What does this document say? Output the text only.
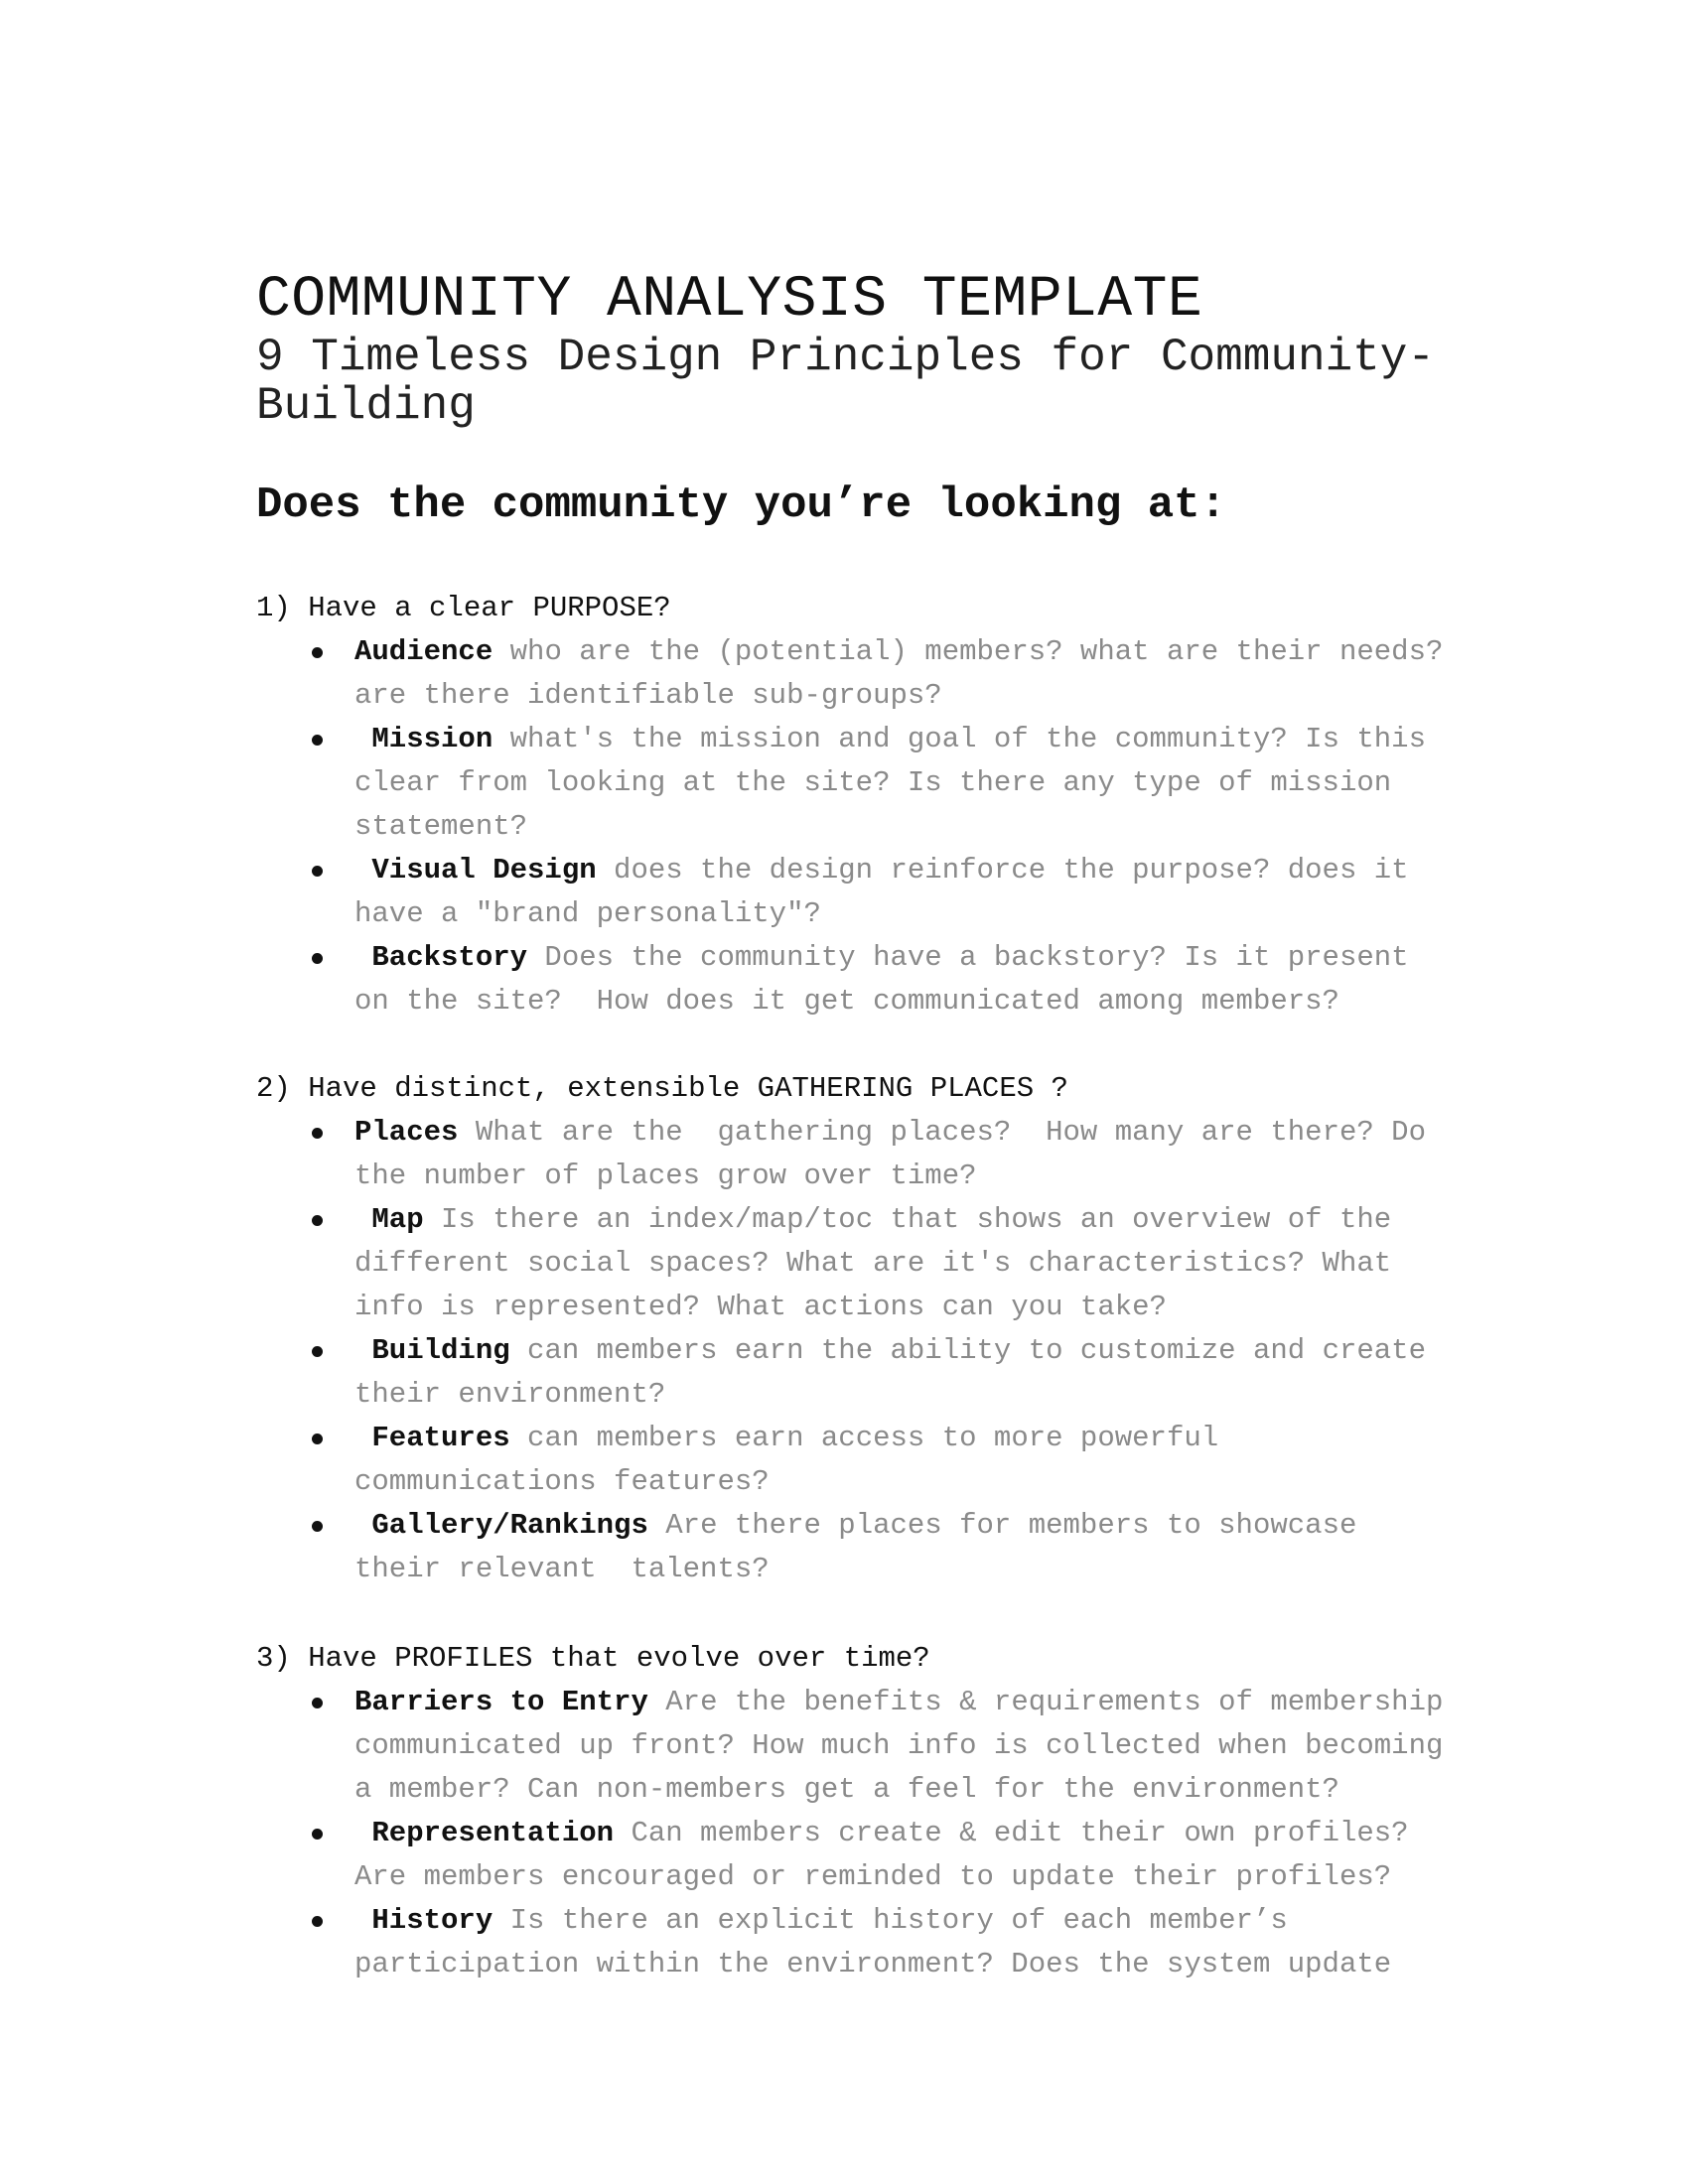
COMMUNITY ANALYSIS TEMPLATE
9 Timeless Design Principles for Community-
Building
Does the community you’re looking at:
1) Have a clear PURPOSE?
Audience who are the (potential) members? what are their needs?
are there identifiable sub-groups?
Mission what's the mission and goal of the community? Is this
clear from looking at the site? Is there any type of mission
statement?
Visual Design does the design reinforce the purpose? does it
have a "brand personality"?
Backstory Does the community have a backstory? Is it present
on the site?  How does it get communicated among members?
2) Have distinct, extensible GATHERING PLACES ?
Places What are the  gathering places?  How many are there? Do
the number of places grow over time?
Map Is there an index/map/toc that shows an overview of the
different social spaces? What are it's characteristics? What
info is represented? What actions can you take?
Building can members earn the ability to customize and create
their environment?
Features can members earn access to more powerful
communications features?
Gallery/Rankings Are there places for members to showcase
their relevant  talents?
3) Have PROFILES that evolve over time?
Barriers to Entry Are the benefits & requirements of membership
communicated up front? How much info is collected when becoming
a member? Can non-members get a feel for the environment?
Representation Can members create & edit their own profiles?
Are members encouraged or reminded to update their profiles?
History Is there an explicit history of each member’s
participation within the environment? Does the system update
